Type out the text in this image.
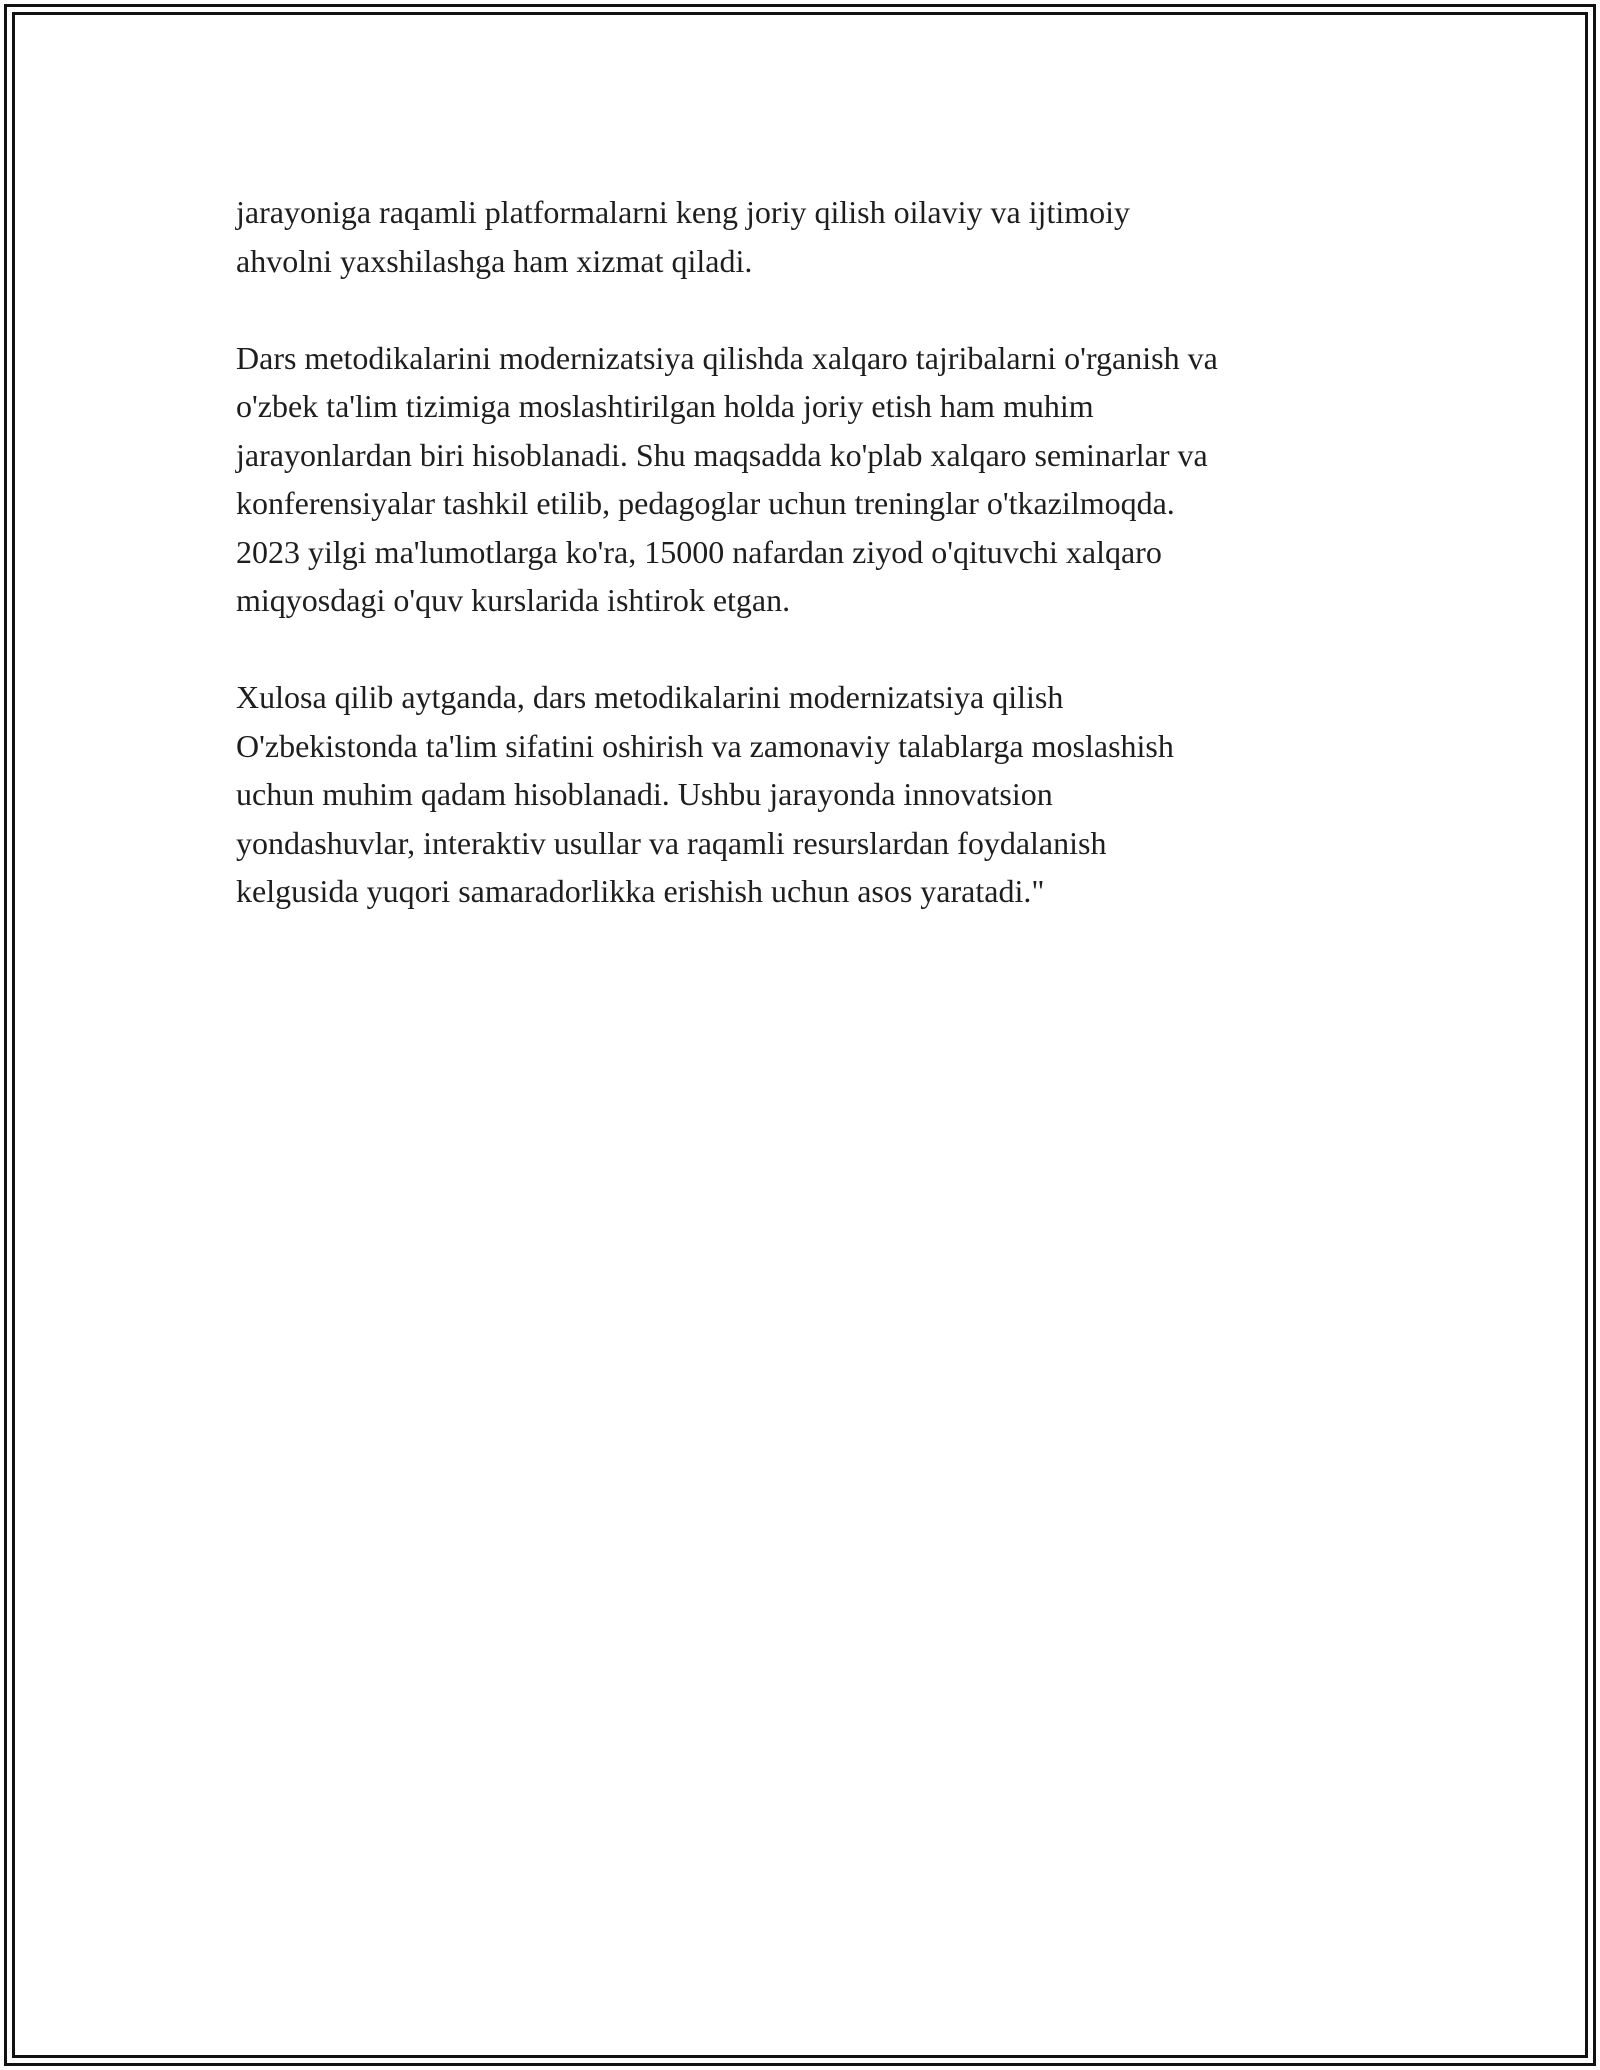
jarayoniga raqamli platformalarni keng joriy qilish oilaviy va ijtimoiy
ahvolni yaxshilashga ham xizmat qiladi.

Dars metodikalarini modernizatsiya qilishda xalqaro tajribalarni o'rganish va
o'zbek ta'lim tizimiga moslashtirilgan holda joriy etish ham muhim
jarayonlardan biri hisoblanadi. Shu maqsadda ko'plab xalqaro seminarlar va
konferensiyalar tashkil etilib, pedagoglar uchun treninglar o'tkazilmoqda.
2023 yilgi ma'lumotlarga ko'ra, 15000 nafardan ziyod o'qituvchi xalqaro
miqyosdagi o'quv kurslarida ishtirok etgan.

Xulosa qilib aytganda, dars metodikalarini modernizatsiya qilish
O'zbekistonda ta'lim sifatini oshirish va zamonaviy talablarga moslashish
uchun muhim qadam hisoblanadi. Ushbu jarayonda innovatsion
yondashuvlar, interaktiv usullar va raqamli resurslardan foydalanish
kelgusida yuqori samaradorlikka erishish uchun asos yaratadi."
